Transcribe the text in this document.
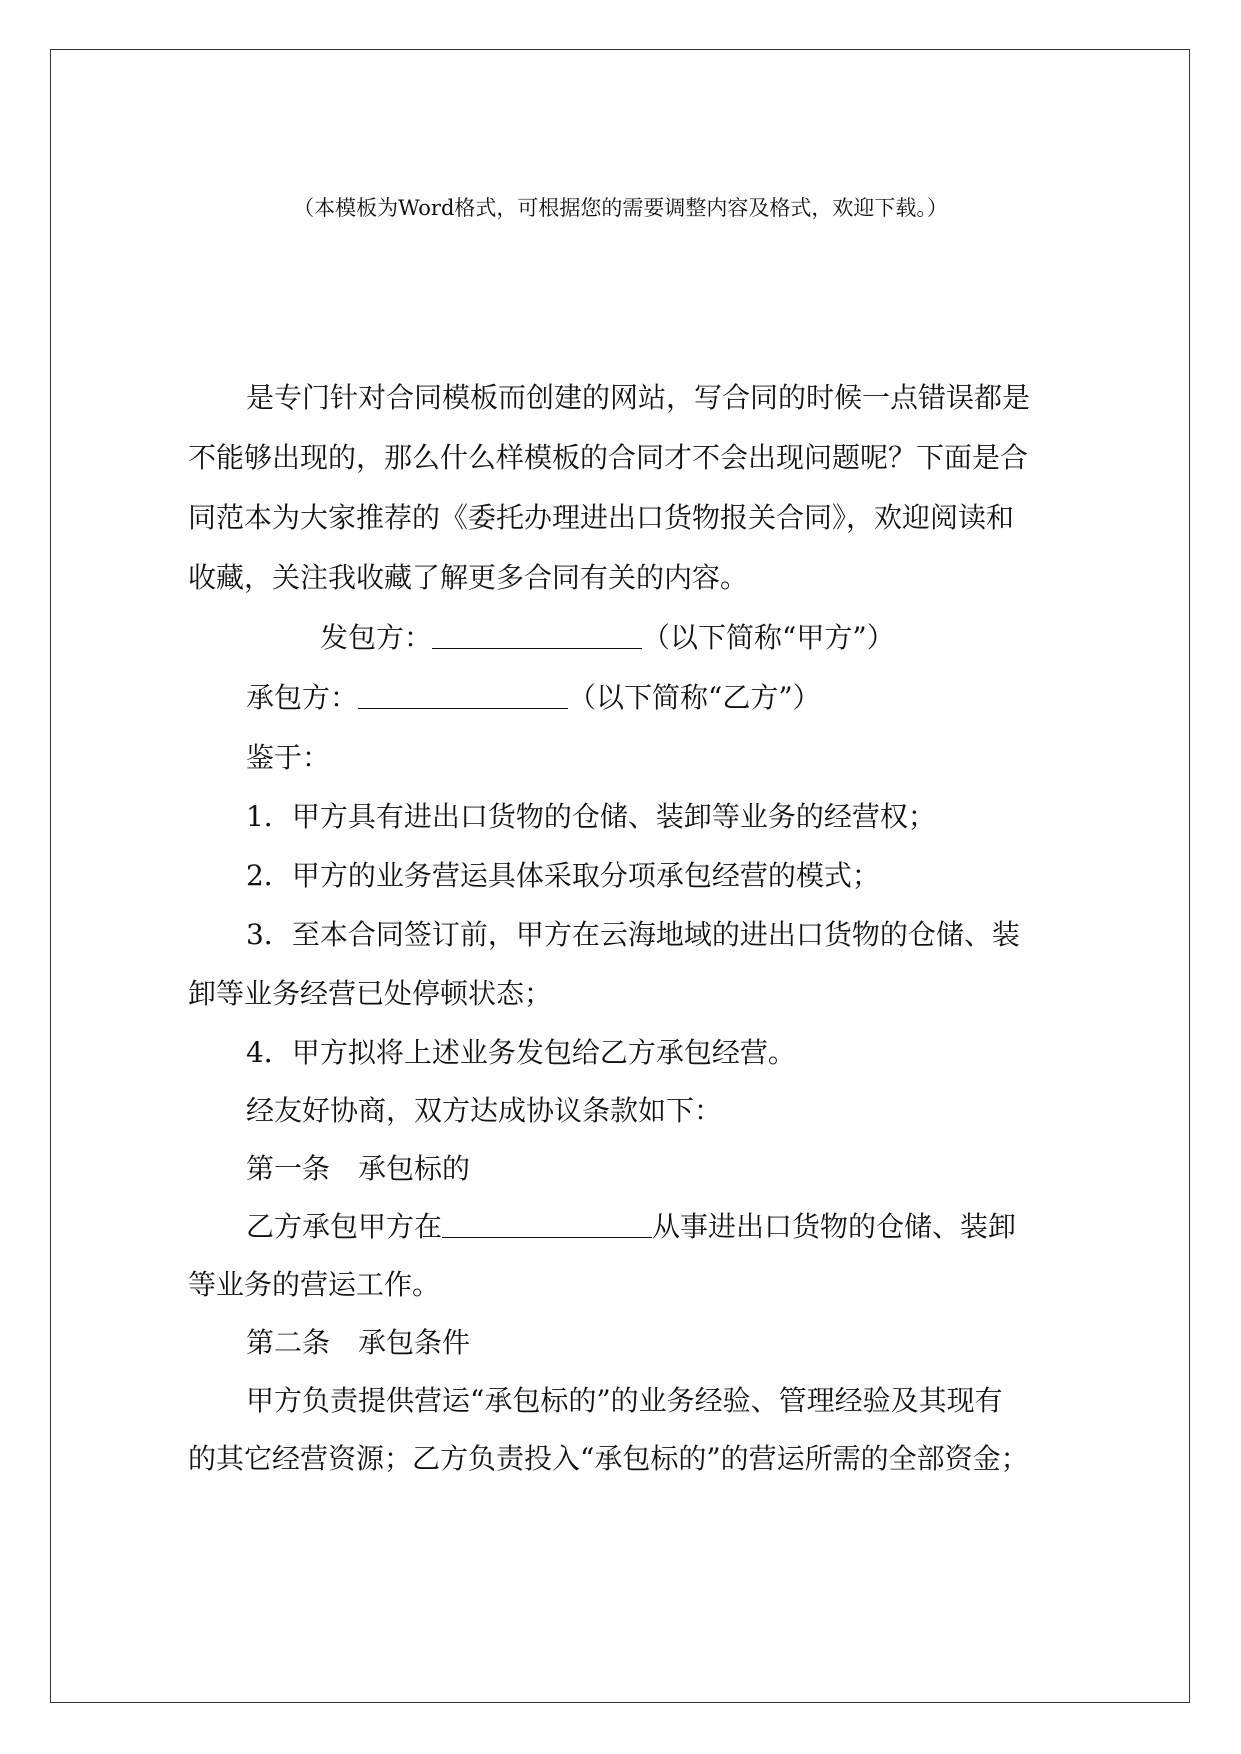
（本模板为Word格式，可根据您的需要调整内容及格式，欢迎下载。）

是专门针对合同模板而创建的网站，写合同的时候一点错误都是

不能够出现的，那么什么样模板的合同才不会出现问题呢？下面是合

同范本为大家推荐的《委托办理进出口货物报关合同》，欢迎阅读和

收藏，关注我收藏了解更多合同有关的内容。

发包方：	（以下简称“甲方”）

承包方：	（以下简称“乙方”）

鉴于：

1．甲方具有进出口货物的仓储、装卸等业务的经营权；

2．甲方的业务营运具体采取分项承包经营的模式；

3．至本合同签订前，甲方在云海地域的进出口货物的仓储、装

卸等业务经营已处停顿状态；

4．甲方拟将上述业务发包给乙方承包经营。

经友好协商，双方达成协议条款如下：

第一条　承包标的

乙方承包甲方在	从事进出口货物的仓储、装卸

等业务的营运工作。

第二条　承包条件

甲方负责提供营运“承包标的”的业务经验、管理经验及其现有

的其它经营资源；乙方负责投入“承包标的”的营运所需的全部资金；
